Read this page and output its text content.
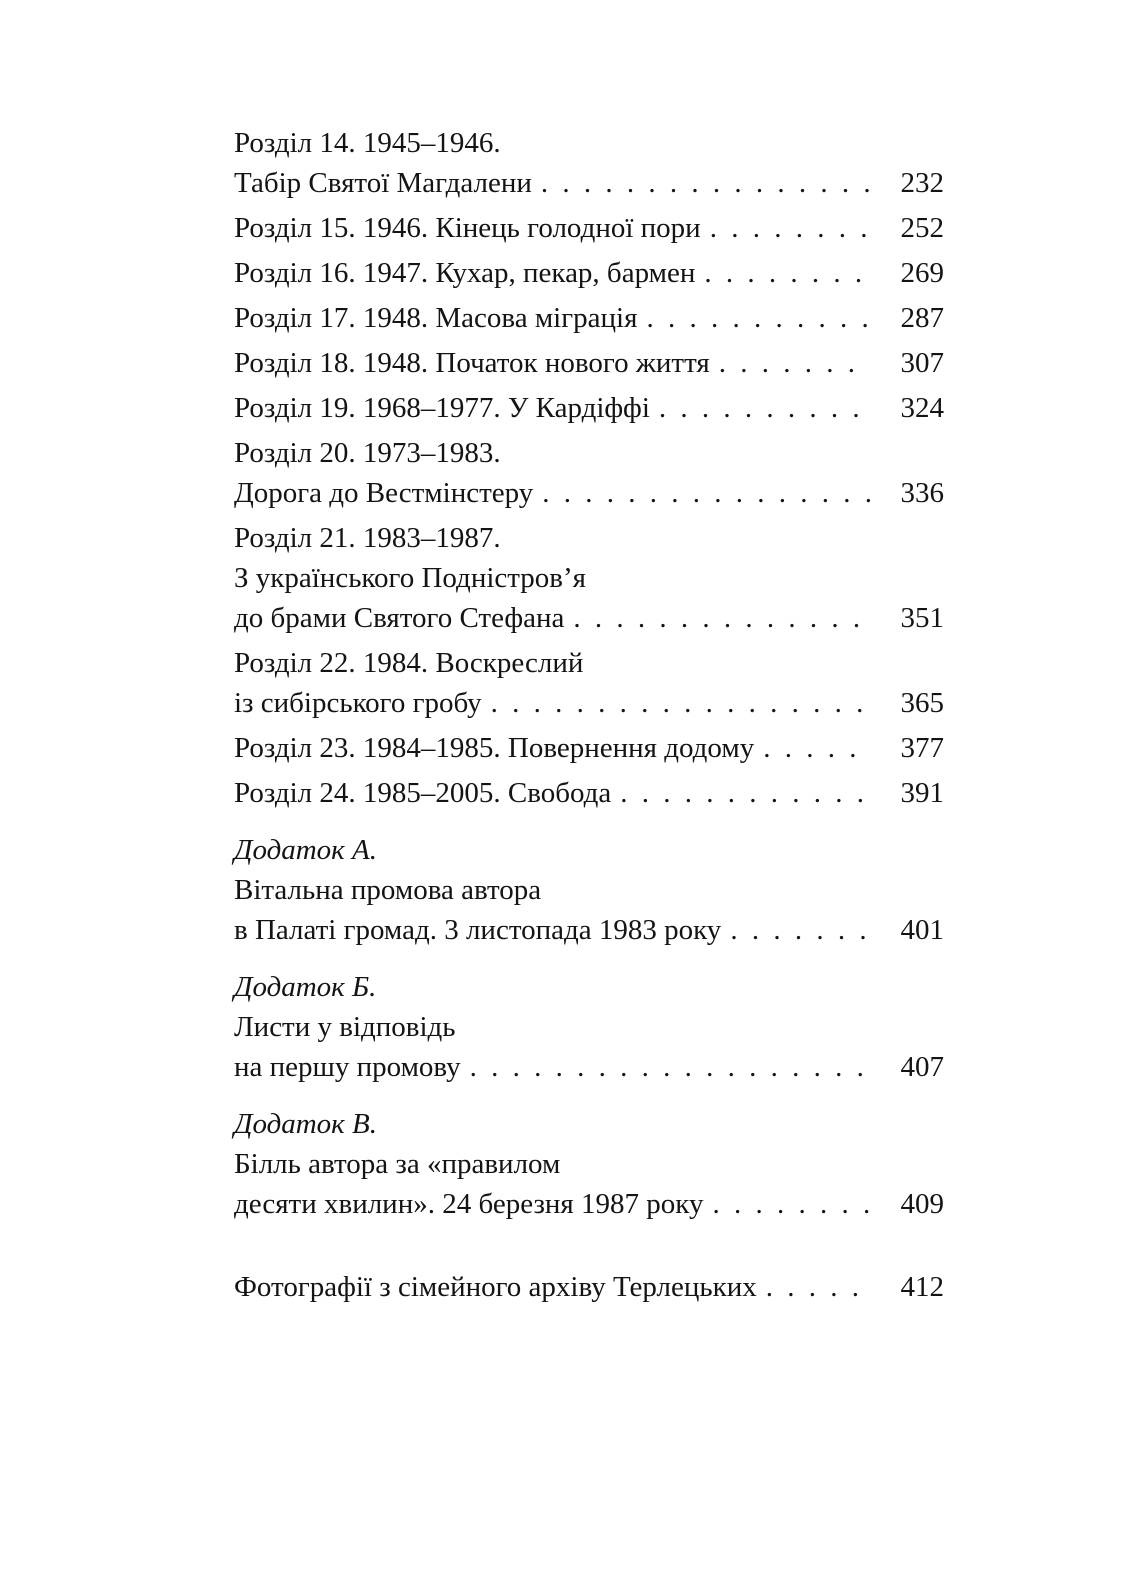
Розділ 14. 1945–1946.
Табір Святої Магдалени . . .	232
Розділ 15. 1946. Кінець голодної пори . . .	252
Розділ 16. 1947. Кухар, пекар, бармен . . .	269
Розділ 17. 1948. Масова міграція . . .	287
Розділ 18. 1948. Початок нового життя . . .	307
Розділ 19. 1968–1977. У Кардіффі . . .	324
Розділ 20. 1973–1983.
Дорога до Вестмінстеру . . .	336
Розділ 21. 1983–1987.
З українського Подністров’я
до брами Святого Стефана . . .	351
Розділ 22. 1984. Воскреслий
із сибірського гробу . . .	365
Розділ 23. 1984–1985. Повернення додому . . .	377
Розділ 24. 1985–2005. Свобода . . .	391
Додаток А.
Вітальна промова автора
в Палаті громад. 3 листопада 1983 року . . .	401
Додаток Б.
Листи у відповідь
на першу промову . . .	407
Додаток В.
Білль автора за «правилом
десяти хвилин». 24 березня 1987 року . . .	409
Фотографії з сімейного архіву Терлецьких . . .	412
